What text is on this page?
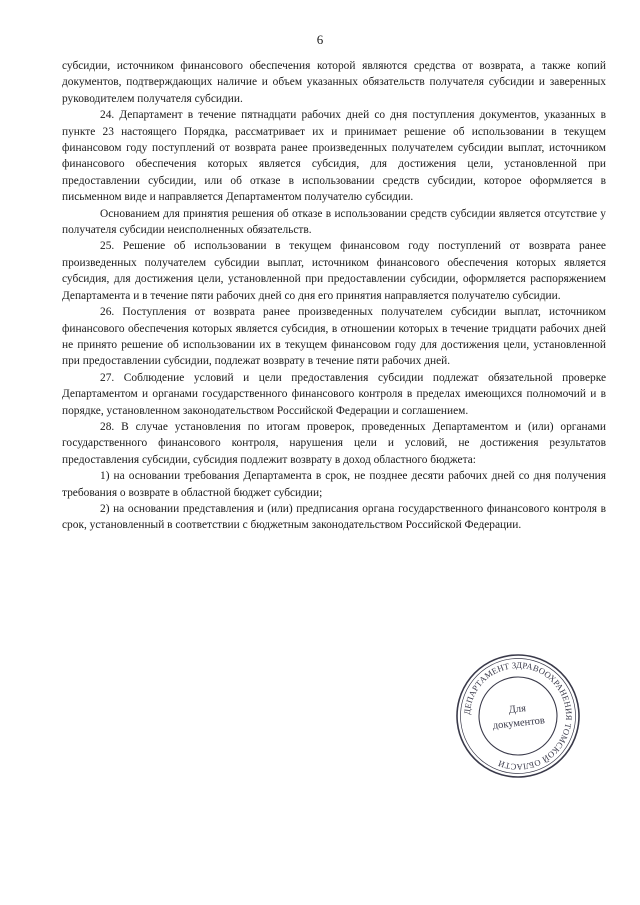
6

субсидии, источником финансового обеспечения которой являются средства от возврата, а также копий документов, подтверждающих наличие и объем указанных обязательств получателя субсидии и заверенных руководителем получателя субсидии.

24. Департамент в течение пятнадцати рабочих дней со дня поступления документов, указанных в пункте 23 настоящего Порядка, рассматривает их и принимает решение об использовании в текущем финансовом году поступлений от возврата ранее произведенных получателем субсидии выплат, источником финансового обеспечения которых является субсидия, для достижения цели, установленной при предоставлении субсидии, или об отказе в использовании средств субсидии, которое оформляется в письменном виде и направляется Департаментом получателю субсидии.

Основанием для принятия решения об отказе в использовании средств субсидии является отсутствие у получателя субсидии неисполненных обязательств.

25. Решение об использовании в текущем финансовом году поступлений от возврата ранее произведенных получателем субсидии выплат, источником финансового обеспечения которых является субсидия, для достижения цели, установленной при предоставлении субсидии, оформляется распоряжением Департамента и в течение пяти рабочих дней со дня его принятия направляется получателю субсидии.

26. Поступления от возврата ранее произведенных получателем субсидии выплат, источником финансового обеспечения которых является субсидия, в отношении которых в течение тридцати рабочих дней не принято решение об использовании их в текущем финансовом году для достижения цели, установленной при предоставлении субсидии, подлежат возврату в течение пяти рабочих дней.

27. Соблюдение условий и цели предоставления субсидии подлежат обязательной проверке Департаментом и органами государственного финансового контроля в пределах имеющихся полномочий и в порядке, установленном законодательством Российской Федерации и соглашением.

28. В случае установления по итогам проверок, проведенных Департаментом и (или) органами государственного финансового контроля, нарушения цели и условий, не достижения результатов предоставления субсидии, субсидия подлежит возврату в доход областного бюджета:

1) на основании требования Департамента в срок, не позднее десяти рабочих дней со дня получения требования о возврате в областной бюджет субсидии;

2) на основании представления и (или) предписания органа государственного финансового контроля в срок, установленный в соответствии с бюджетным законодательством Российской Федерации.

ДЕПАРТАМЕНТ ЗДРАВООХРАНЕНИЯ ТОМСКОЙ ОБЛАСТИ
Для
документов
